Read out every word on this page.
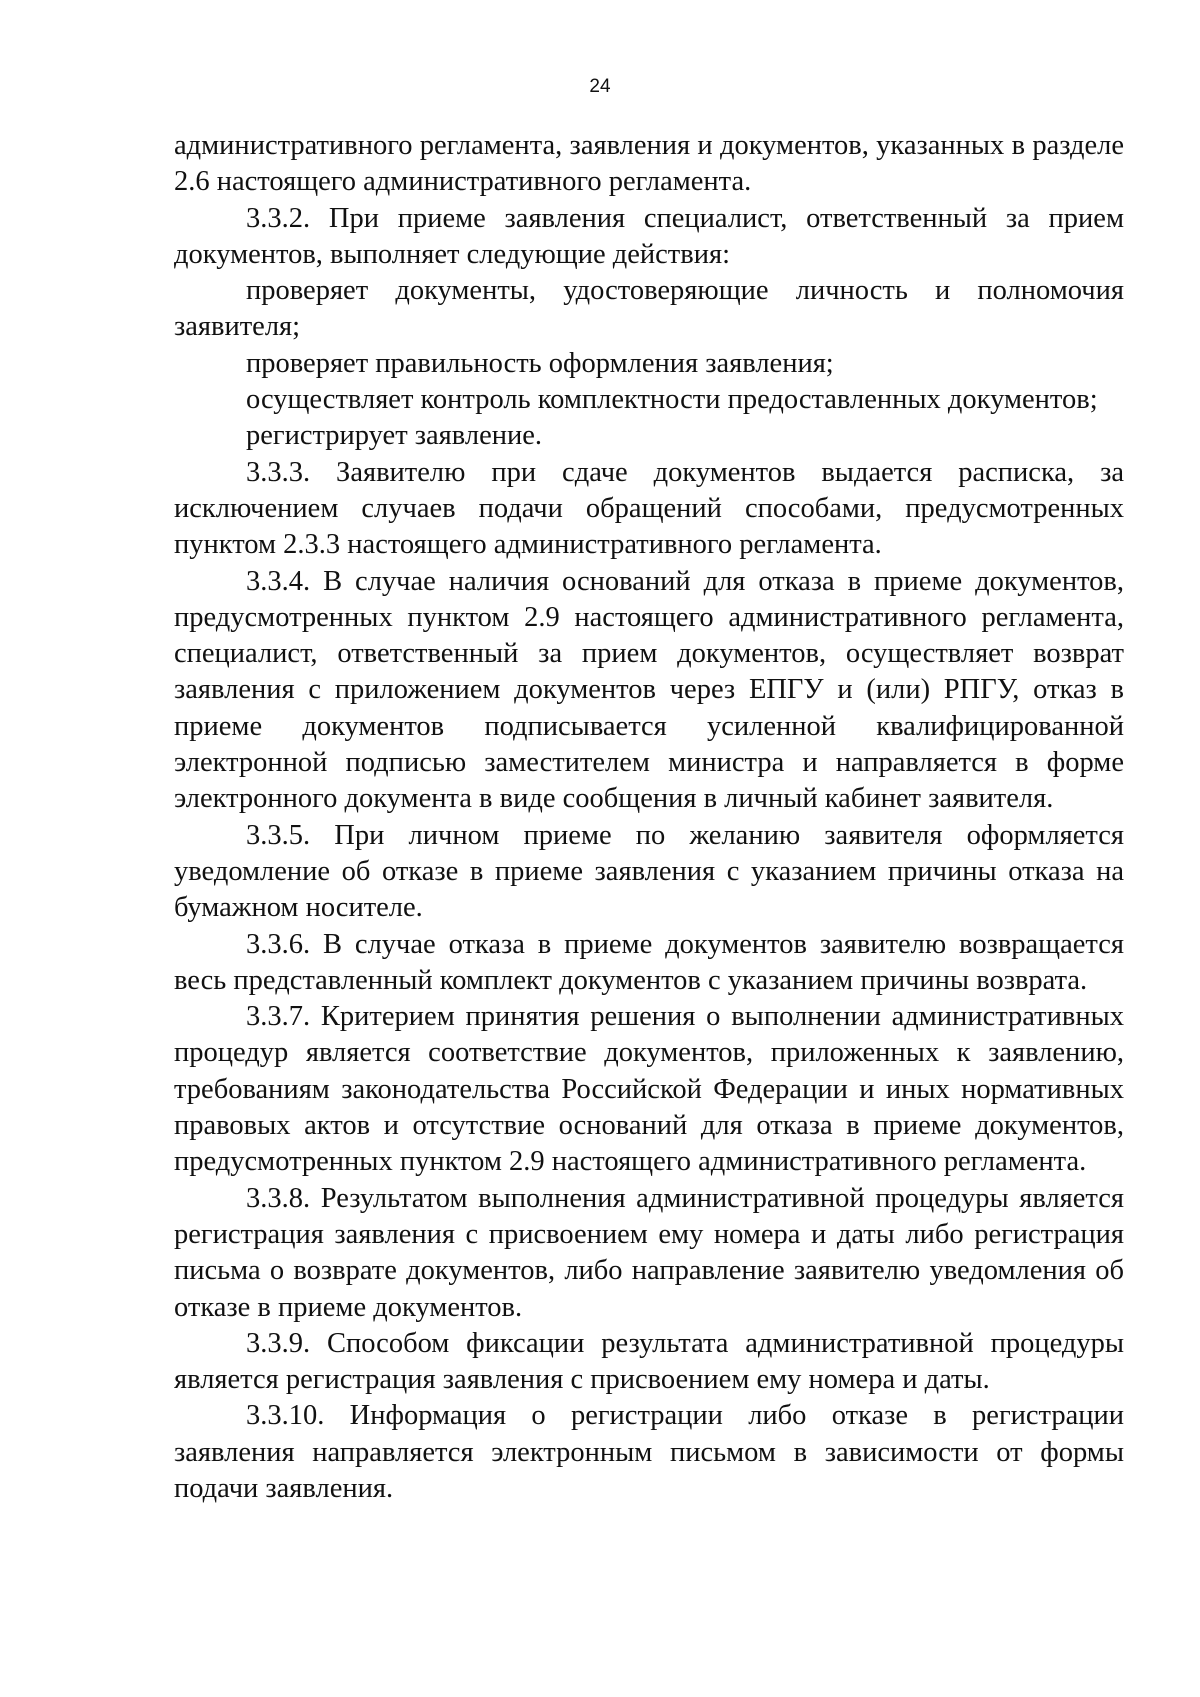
24

административного регламента, заявления и документов, указанных в разделе 2.6 настоящего административного регламента.

3.3.2. При приеме заявления специалист, ответственный за прием документов, выполняет следующие действия:

проверяет документы, удостоверяющие личность и полномочия заявителя;

проверяет правильность оформления заявления;

осуществляет контроль комплектности предоставленных документов;

регистрирует заявление.

3.3.3. Заявителю при сдаче документов выдается расписка, за исключением случаев подачи обращений способами, предусмотренных пунктом 2.3.3 настоящего административного регламента.

3.3.4. В случае наличия оснований для отказа в приеме документов, предусмотренных пунктом 2.9 настоящего административного регламента, специалист, ответственный за прием документов, осуществляет возврат заявления с приложением документов через ЕПГУ и (или) РПГУ, отказ в приеме документов подписывается усиленной квалифицированной электронной подписью заместителем министра и направляется в форме электронного документа в виде сообщения в личный кабинет заявителя.

3.3.5. При личном приеме по желанию заявителя оформляется уведомление об отказе в приеме заявления с указанием причины отказа на бумажном носителе.

3.3.6. В случае отказа в приеме документов заявителю возвращается весь представленный комплект документов с указанием причины возврата.

3.3.7. Критерием принятия решения о выполнении административных процедур является соответствие документов, приложенных к заявлению, требованиям законодательства Российской Федерации и иных нормативных правовых актов и отсутствие оснований для отказа в приеме документов, предусмотренных пунктом 2.9 настоящего административного регламента.

3.3.8. Результатом выполнения административной процедуры является регистрация заявления с присвоением ему номера и даты либо регистрация письма о возврате документов, либо направление заявителю уведомления об отказе в приеме документов.

3.3.9. Способом фиксации результата административной процедуры является регистрация заявления с присвоением ему номера и даты.

3.3.10. Информация о регистрации либо отказе в регистрации заявления направляется электронным письмом в зависимости от формы подачи заявления.
